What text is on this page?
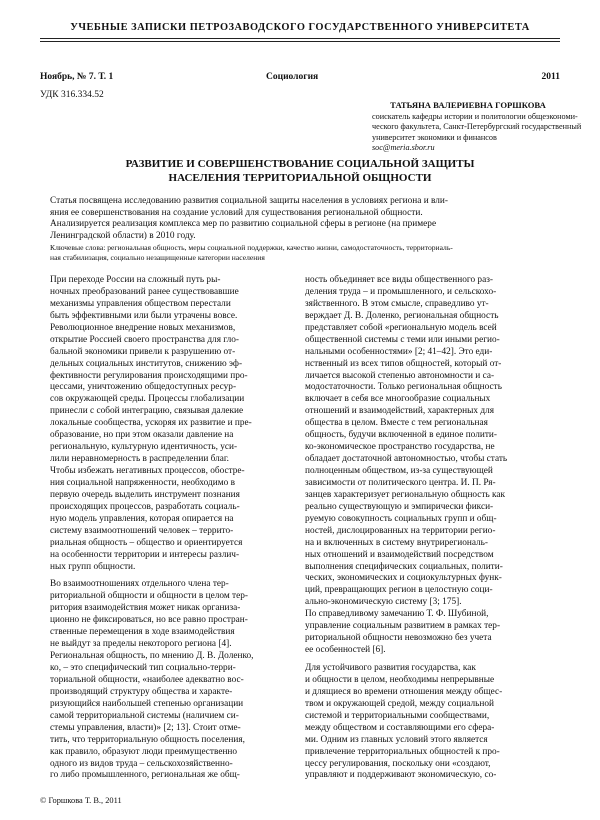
УЧЕБНЫЕ ЗАПИСКИ ПЕТРОЗАВОДСКОГО ГОСУДАРСТВЕННОГО УНИВЕРСИТЕТА
Ноябрь, № 7. Т. 1	Социология	2011
УДК 316.334.52
ТАТЬЯНА ВАЛЕРИЕВНА ГОРШКОВА
соискатель кафедры истории и политологии общеэкономи-
ческого факультета, Санкт-Петербургский государственный
университет экономики и финансов
soc@meria.sbor.ru
РАЗВИТИЕ И СОВЕРШЕНСТВОВАНИЕ СОЦИАЛЬНОЙ ЗАЩИТЫ
НАСЕЛЕНИЯ ТЕРРИТОРИАЛЬНОЙ ОБЩНОСТИ
Статья посвящена исследованию развития социальной защиты населения в условиях региона и вли-
яния ее совершенствования на создание условий для существования региональной общности.
Анализируется реализация комплекса мер по развитию социальной сферы в регионе (на примере
Ленинградской области) в 2010 году.
Ключевые слова: региональная общность, меры социальной поддержки, качество жизни, самодостаточность, территориаль-
ная стабилизация, социально незащищенные категории населения
При переходе России на сложный путь ры-
ночных преобразований ранее существовавшие
механизмы управления обществом перестали
быть эффективными или были утрачены вовсе.
Революционное внедрение новых механизмов,
открытие Россией своего пространства для гло-
бальной экономики привели к разрушению от-
дельных социальных институтов, снижению эф-
фективности регулирования происходящими про-
цессами, уничтожению общедоступных ресур-
сов окружающей среды. Процессы глобализации
принесли с собой интеграцию, связывая далекие
локальные сообщества, ускоряя их развитие и пре-
образование, но при этом оказали давление на
региональную, культурную идентичность, уси-
лили неравномерность в распределении благ.
Чтобы избежать негативных процессов, обостре-
ния социальной напряженности, необходимо в
первую очередь выделить инструмент познания
происходящих процессов, разработать социаль-
ную модель управления, которая опирается на
систему взаимоотношений человек – террито-
риальная общность – общество и ориентируется
на особенности территории и интересы различ-
ных групп общности.
Во взаимоотношениях отдельного члена тер-
риториальной общности и общности в целом тер-
ритория взаимодействия может никак организа-
ционно не фиксироваться, но все равно простран-
ственные перемещения в ходе взаимодействия
не выйдут за пределы некоторого региона [4].
Региональная общность, по мнению Д. В. Доленко,
ко, – это специфический тип социально-терри-
ториальной общности, «наиболее адекватно вос-
производящий структуру общества и характе-
ризующийся наибольшей степенью организации
самой территориальной системы (наличием си-
стемы управления, власти)» [2; 13]. Стоит отме-
тить, что территориальную общность поселения,
как правило, образуют люди преимущественно
одного из видов труда – сельскохозяйственно-
го либо промышленного, региональная же общ-
ность объединяет все виды общественного раз-
деления труда – и промышленного, и сельскохо-
зяйственного. В этом смысле, справедливо ут-
верждает Д. В. Доленко, региональная общность
представляет собой «региональную модель всей
общественной системы с теми или иными регио-
нальными особенностями» [2; 41–42]. Это еди-
нственный из всех типов общностей, который от-
личается высокой степенью автономности и са-
модостаточности. Только региональная общность
включает в себя все многообразие социальных
отношений и взаимодействий, характерных для
общества в целом. Вместе с тем региональная
общность, будучи включенной в единое полити-
ко-экономическое пространство государства, не
обладает достаточной автономностью, чтобы стать
полноценным обществом, из-за существующей
зависимости от политического центра. И. П. Ря-
занцев характеризует региональную общность как
реально существующую и эмпирически фикси-
руемую совокупность социальных групп и общ-
ностей, дислоцированных на территории регио-
на и включенных в систему внутрирегиональ-
ных отношений и взаимодействий посредством
выполнения специфических социальных, полити-
ческих, экономических и социокультурных функ-
ций, превращающих регион в целостную соци-
ально-экономическую систему [3; 175].
По справедливому замечанию Т. Ф. Шубиной,
управление социальным развитием в рамках тер-
риториальной общности невозможно без учета
ее особенностей [6].
Для устойчивого развития государства, как
и общности в целом, необходимы непрерывные
и длящиеся во времени отношения между общес-
твом и окружающей средой, между социальной
системой и территориальными сообществами,
между обществом и составляющими его сфера-
ми. Одним из главных условий этого является
привлечение территориальных общностей к про-
цессу регулирования, поскольку они «создают,
управляют и поддерживают экономическую, со-
© Горшкова Т. В., 2011
